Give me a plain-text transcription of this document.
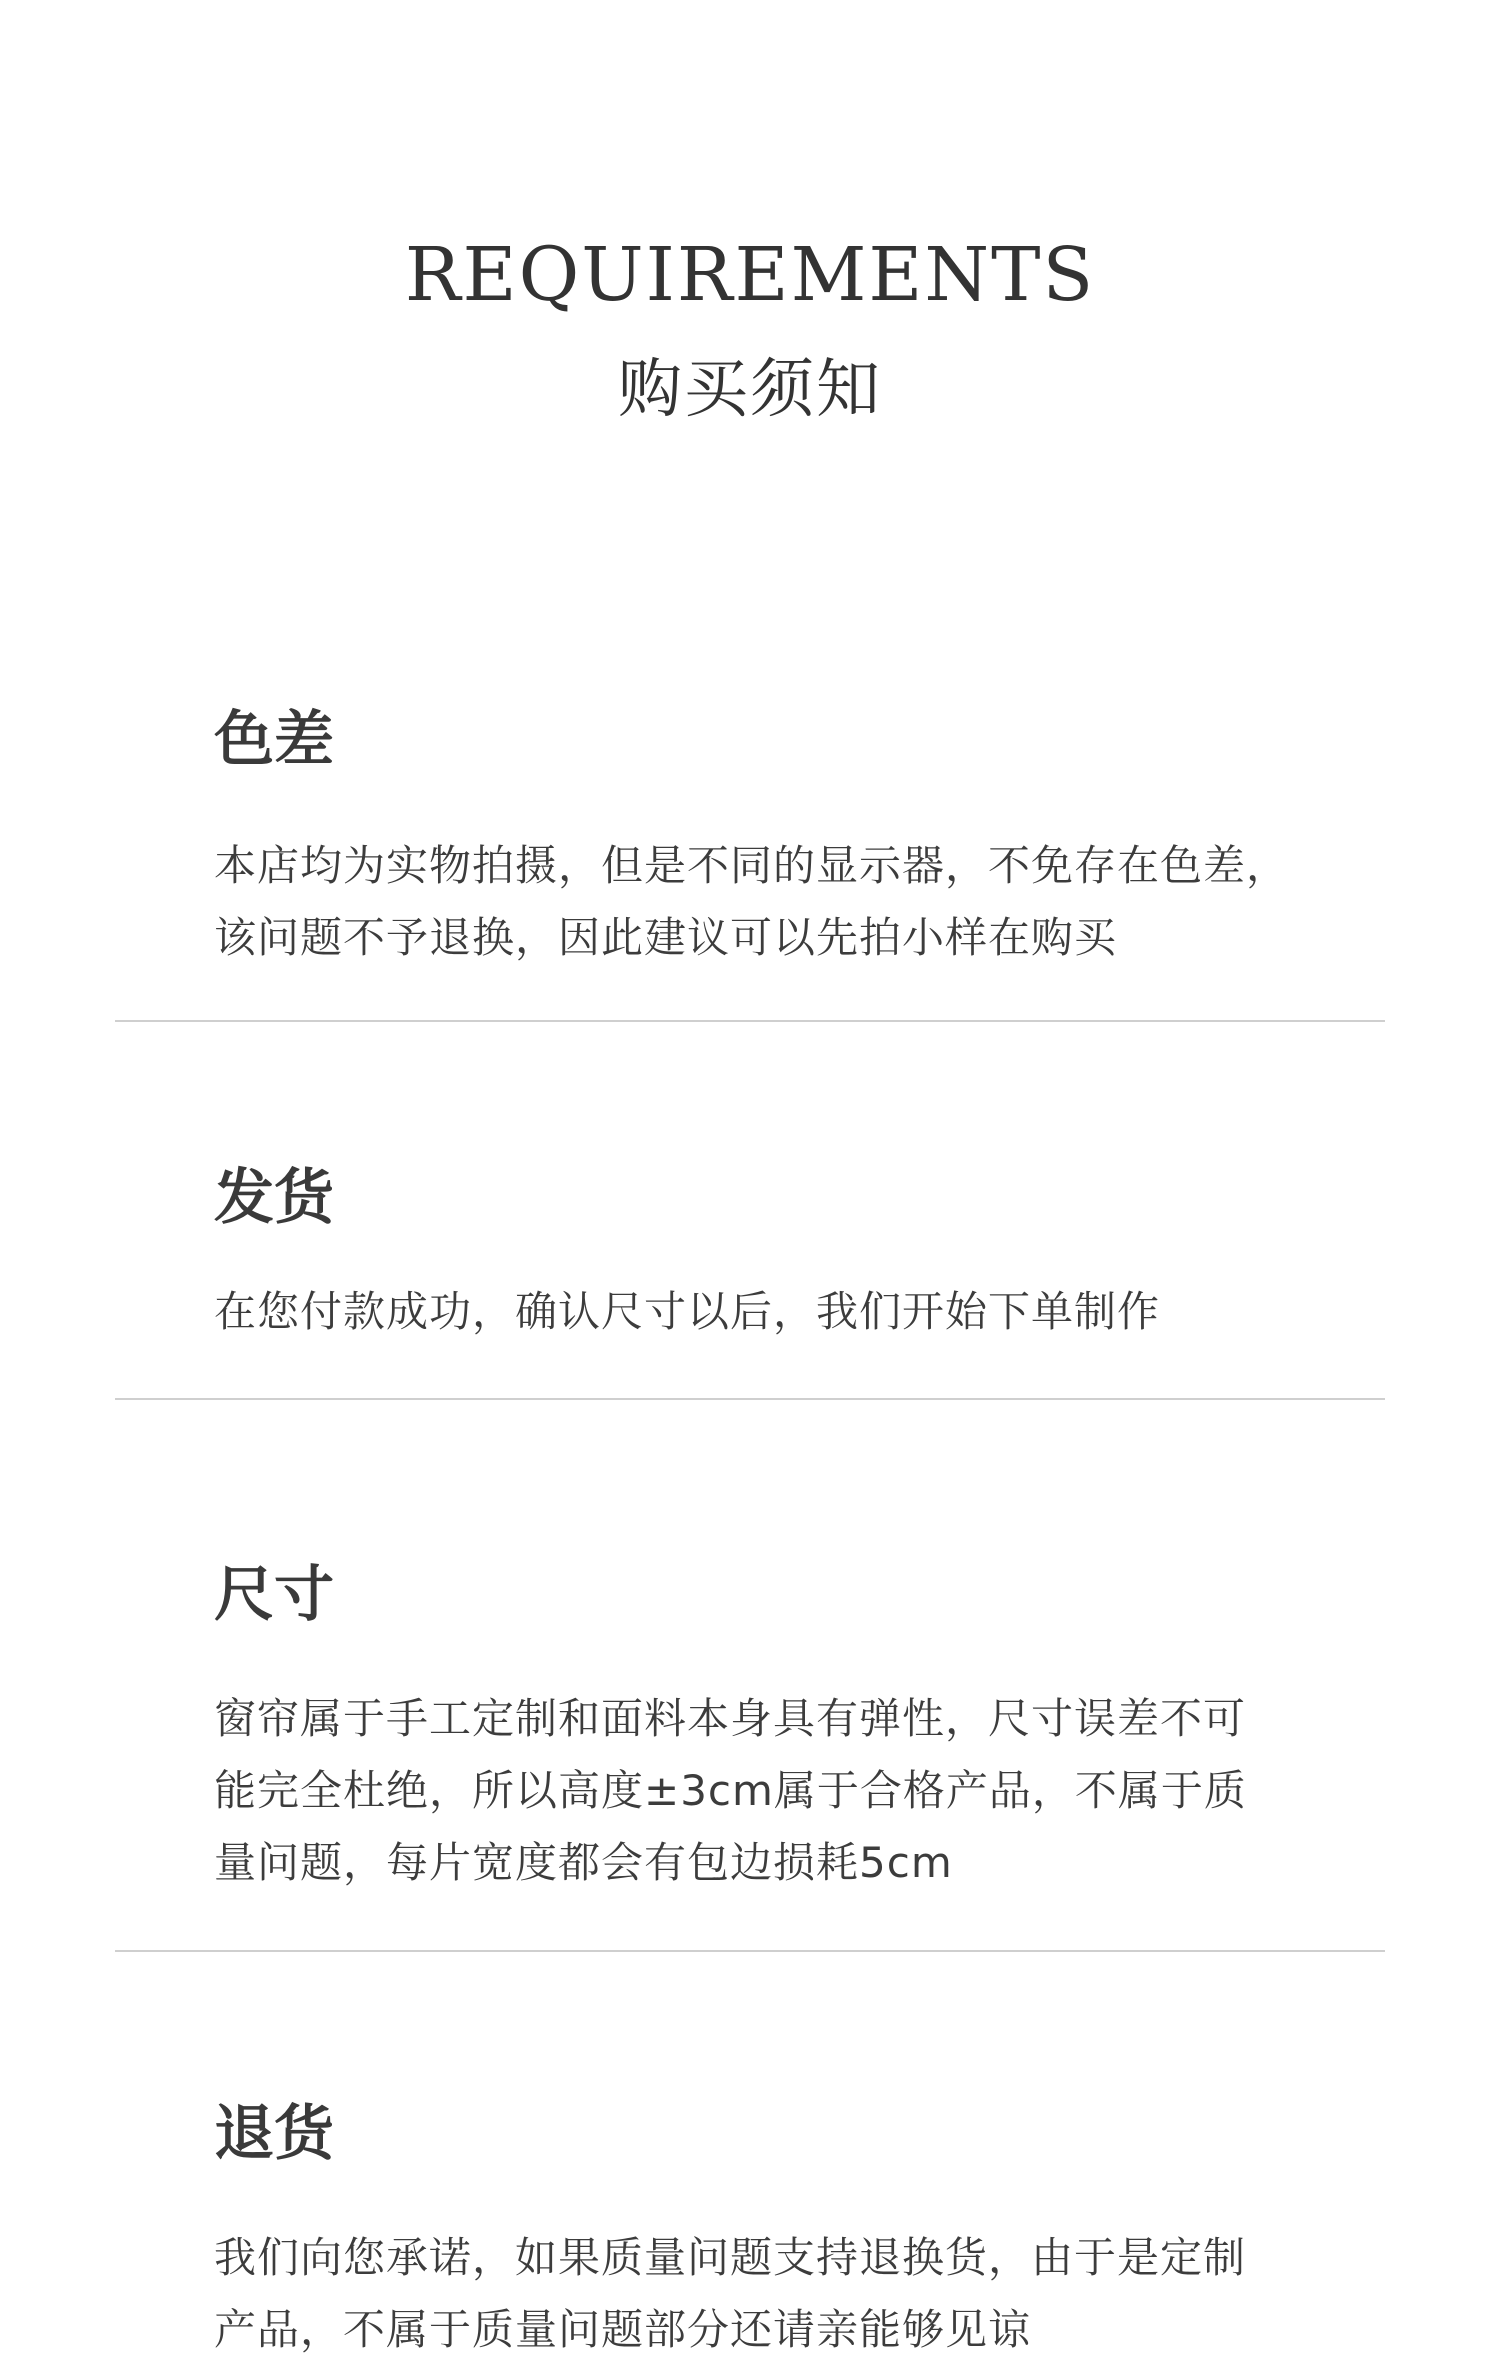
REQUIREMENTS
购买须知
色差
本店均为实物拍摄，但是不同的显示器，不免存在色差，
该问题不予退换，因此建议可以先拍小样在购买
发货
在您付款成功，确认尺寸以后，我们开始下单制作
尺寸
窗帘属于手工定制和面料本身具有弹性，尺寸误差不可
能完全杜绝，所以高度±3cm属于合格产品，不属于质
量问题，每片宽度都会有包边损耗5cm
退货
我们向您承诺，如果质量问题支持退换货，由于是定制
产品，不属于质量问题部分还请亲能够见谅
